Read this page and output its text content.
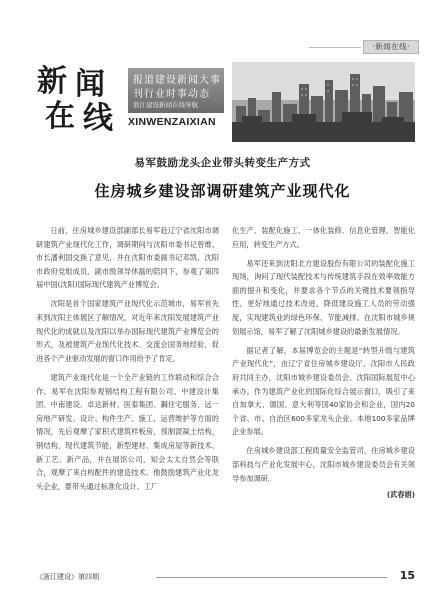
·新闻在线·
新 闻
在 线
报道建设新闻大事
刊行业时事动态
浙江建设新闻在线导航
XINWENZAIXIAN
易军鼓励龙头企业带头转变生产方式
住房城乡建设部调研建筑产业现代化

日前，住房城乡建设部副部长易军赴辽宁省沈阳市调研建筑产业现代化工作，调研期间与沈阳市委书记曾维、市长潘利国交换了意见，并在沈阳市委副书记邓凯、沈阳市政府党组成员、副市级领导休磊的陪同下，参观了第四届中国(沈阳)国际现代建筑产业博览会。

沈阳是首个国家建筑产业现代化示范城市，易军首先来到沈阳主体展区了解情况，对近年来沈阳发展建筑产业现代化的成就以及沈阳以举办国际现代建筑产业博览会的形式，及被建筑产业现代化技术、交流会国务地经验，促进各个产业驱动发展的窗口作用给予了肯定。

建筑产业现代化是一个全产业链的工作联动和综合合作。易军在沈阳参观钢结构工程有限公司、中建设计集团、中南建设、卓达新材、医泰集团、鋼住宅服务、远一房地产研发、设计、构件生产、施工，运营维护等方面的情况，先后观摩了家积式建筑样板房，预制混凝土结构，钢结构，现代建筑节能，新型建材、集成房屋等新技术、新工艺、新产品，并在展馆公司、知会太太自然会等联合，观摩了来自构配件的建造技术。他鼓励建筑产业化龙头企业，要带头通过标准化设计、工厂

化生产、装配化施工、一体化装修、信息化管理、智能化应用，转变生产方式。

易军还来到沈阳北方建设股份有限公司的装配化施工现场，询问了现代装配技术与传统建筑手段在效率效能方面的提升和变化，并要求各个节点的关键技术要领指导性，更好地通过技术改进，降低建设施工人员的劳动强度，实现建筑业的绿色环保、节能减排。在沈阳市城乡规划展示馆，易军了解了沈阳城乡建设的最新发展情况。

据记者了解，本届博览会的主题是“转型升级与建筑产业现代化”，由辽宁省住房城乡建设厅、沈阳市人民政府共同主办，沈阳市城乡建设委员会、沈阳国际展览中心承办。作为建筑产业化的国际化综合展示窗口，吸引了来自加拿大、德国、意大利等国40家协会和企业，国内20个省、市、自治区600多家龙头企业、本地100多家品牌企业参展。

住房城乡建设部工程质量安全监管司，住房城乡建设部科技与产业化发展中心，沈阳市城乡建设委员会有关领导参加调研。

(武春娟)
《浙江建设》第四期	15
